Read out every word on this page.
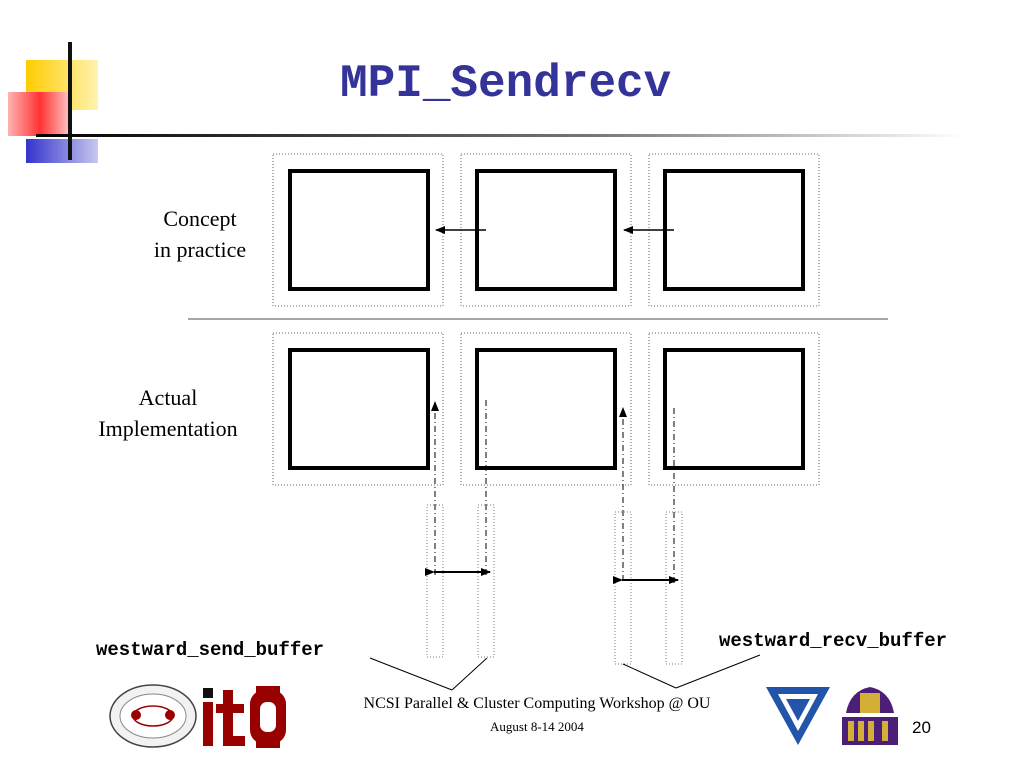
MPI_Sendrecv
Concept
in practice
Actual
Implementation
westward_send_buffer	westward_recv_buffer
NCSI Parallel & Cluster Computing Workshop @ OU
August 8-14 2004	20
